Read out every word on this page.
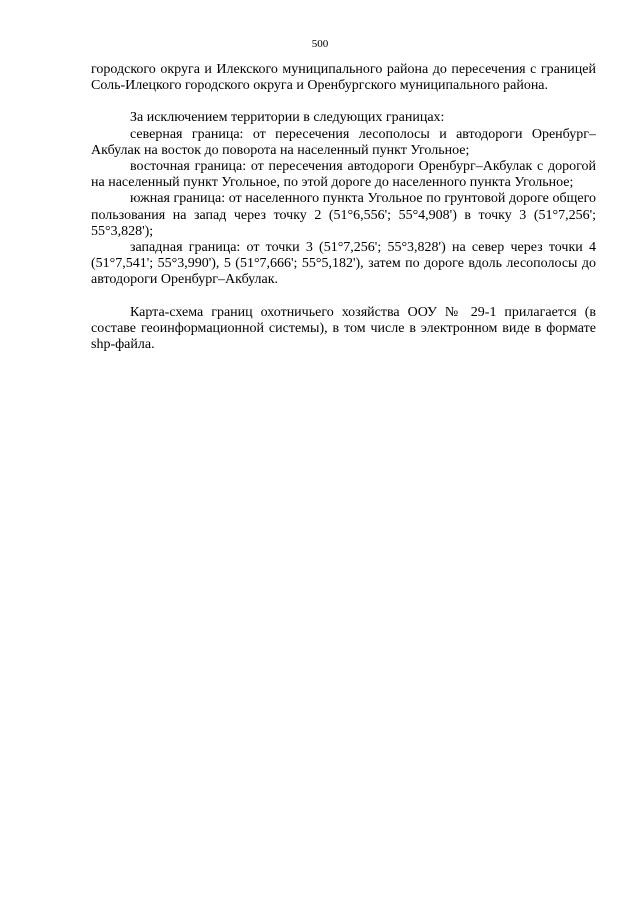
500

городского округа и Илекского муниципального района до пересечения с границей Соль-Илецкого городского округа и Оренбургского муниципального района.

За исключением территории в следующих границах:

северная граница: от пересечения лесополосы и автодороги Оренбург–Акбулак на восток до поворота на населенный пункт Угольное;

восточная граница: от пересечения автодороги Оренбург–Акбулак с дорогой на населенный пункт Угольное, по этой дороге до населенного пункта Угольное;

южная граница: от населенного пункта Угольное по грунтовой дороге общего пользования на запад через точку 2 (51°6,556'; 55°4,908') в точку 3 (51°7,256'; 55°3,828');

западная граница: от точки 3 (51°7,256'; 55°3,828') на север через точки 4 (51°7,541'; 55°3,990'), 5 (51°7,666'; 55°5,182'), затем по дороге вдоль лесополосы до автодороги Оренбург–Акбулак.

Карта-схема границ охотничьего хозяйства ООУ № 29-1 прилагается (в составе геоинформационной системы), в том числе в электронном виде в формате shp-файла.
